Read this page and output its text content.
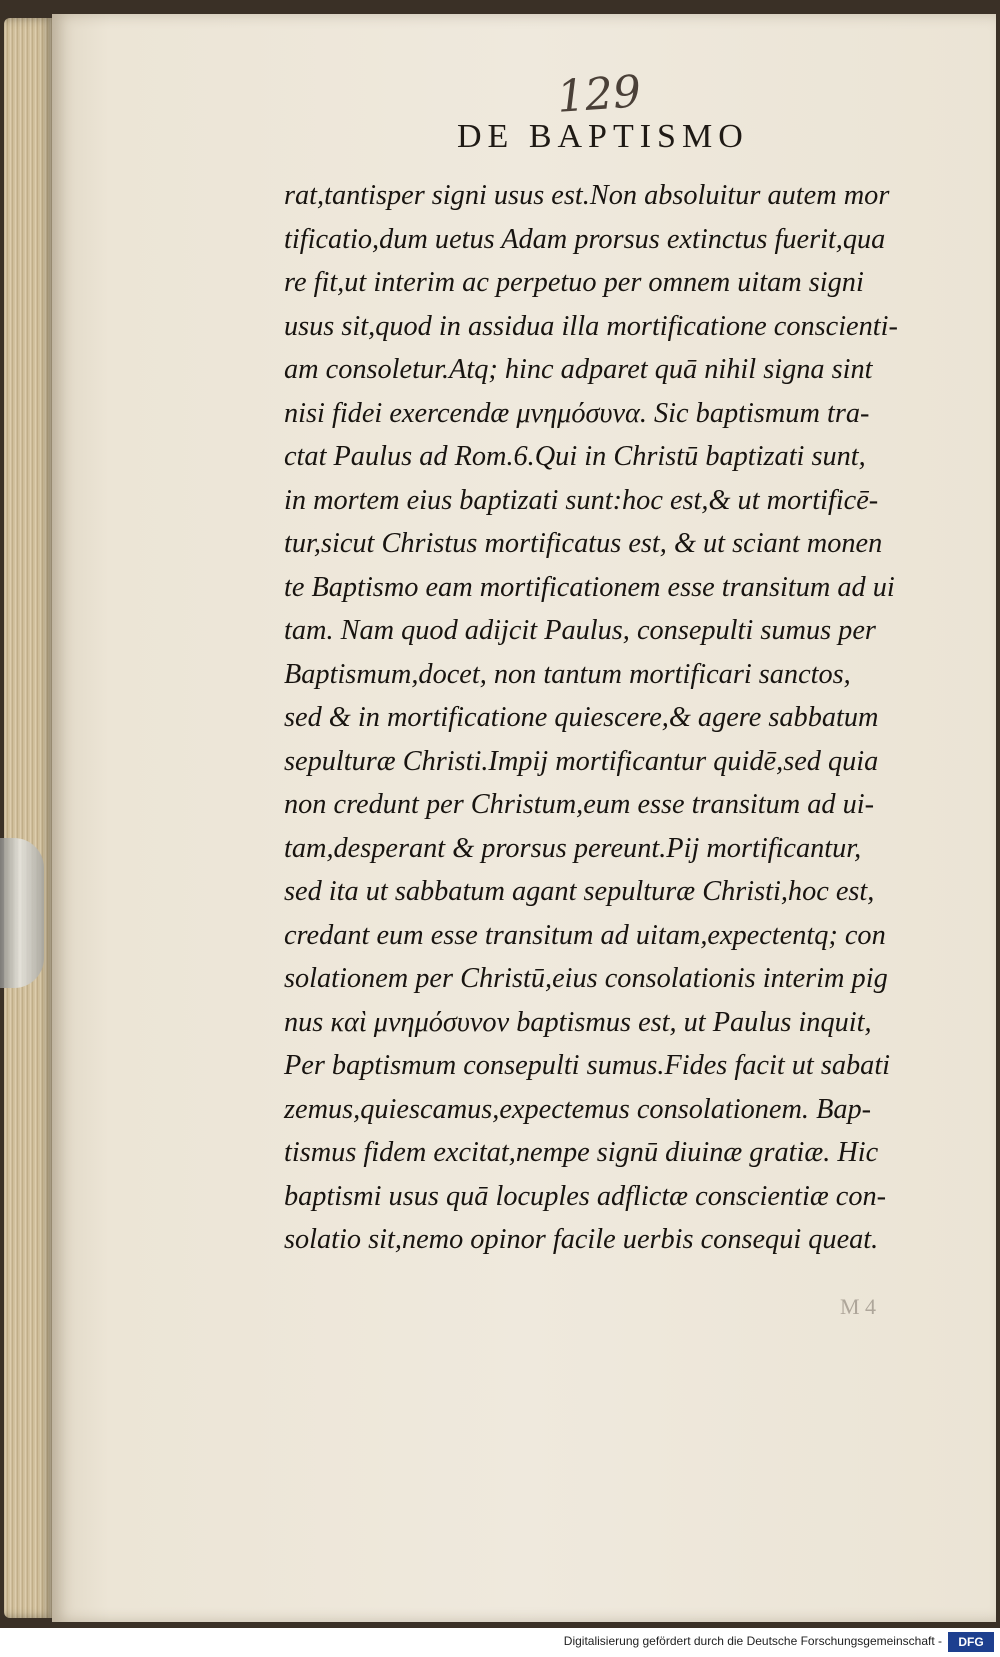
129
DE BAPTISMO
rat,tantisper signi usus est.Non absoluitur autem mor
tificatio,dum uetus Adam prorsus extinctus fuerit,qua
re fit,ut interim ac perpetuo per omnem uitam signi
usus sit,quod in assidua illa mortificatione conscienti-
am consoletur.Atq; hinc adparet quā nihil signa sint
nisi fidei exercendæ μνημόσυνα. Sic baptismum tra-
ctat Paulus ad Rom.6.Qui in Christū baptizati sunt,
in mortem eius baptizati sunt:hoc est,& ut mortificē-
tur,sicut Christus mortificatus est, & ut sciant monen
te Baptismo eam mortificationem esse transitum ad ui
tam. Nam quod adijcit Paulus, consepulti sumus per
Baptismum,docet, non tantum mortificari sanctos,
sed & in mortificatione quiescere,& agere sabbatum
sepulturæ Christi.Impij mortificantur quidē,sed quia
non credunt per Christum,eum esse transitum ad ui-
tam,desperant & prorsus pereunt.Pij mortificantur,
sed ita ut sabbatum agant sepulturæ Christi,hoc est,
credant eum esse transitum ad uitam,expectentq; con
solationem per Christū,eius consolationis interim pig
nus καὶ μνημόσυνον baptismus est, ut Paulus inquit,
Per baptismum consepulti sumus.Fides facit ut sabati
zemus,quiescamus,expectemus consolationem. Bap-
tismus fidem excitat,nempe signū diuinæ gratiæ. Hic
baptismi usus quā locuples adflictæ conscientiæ con-
solatio sit,nemo opinor facile uerbis consequi queat.
M 4
Digitalisierung gefördert durch die Deutsche Forschungsgemeinschaft -	DFG
